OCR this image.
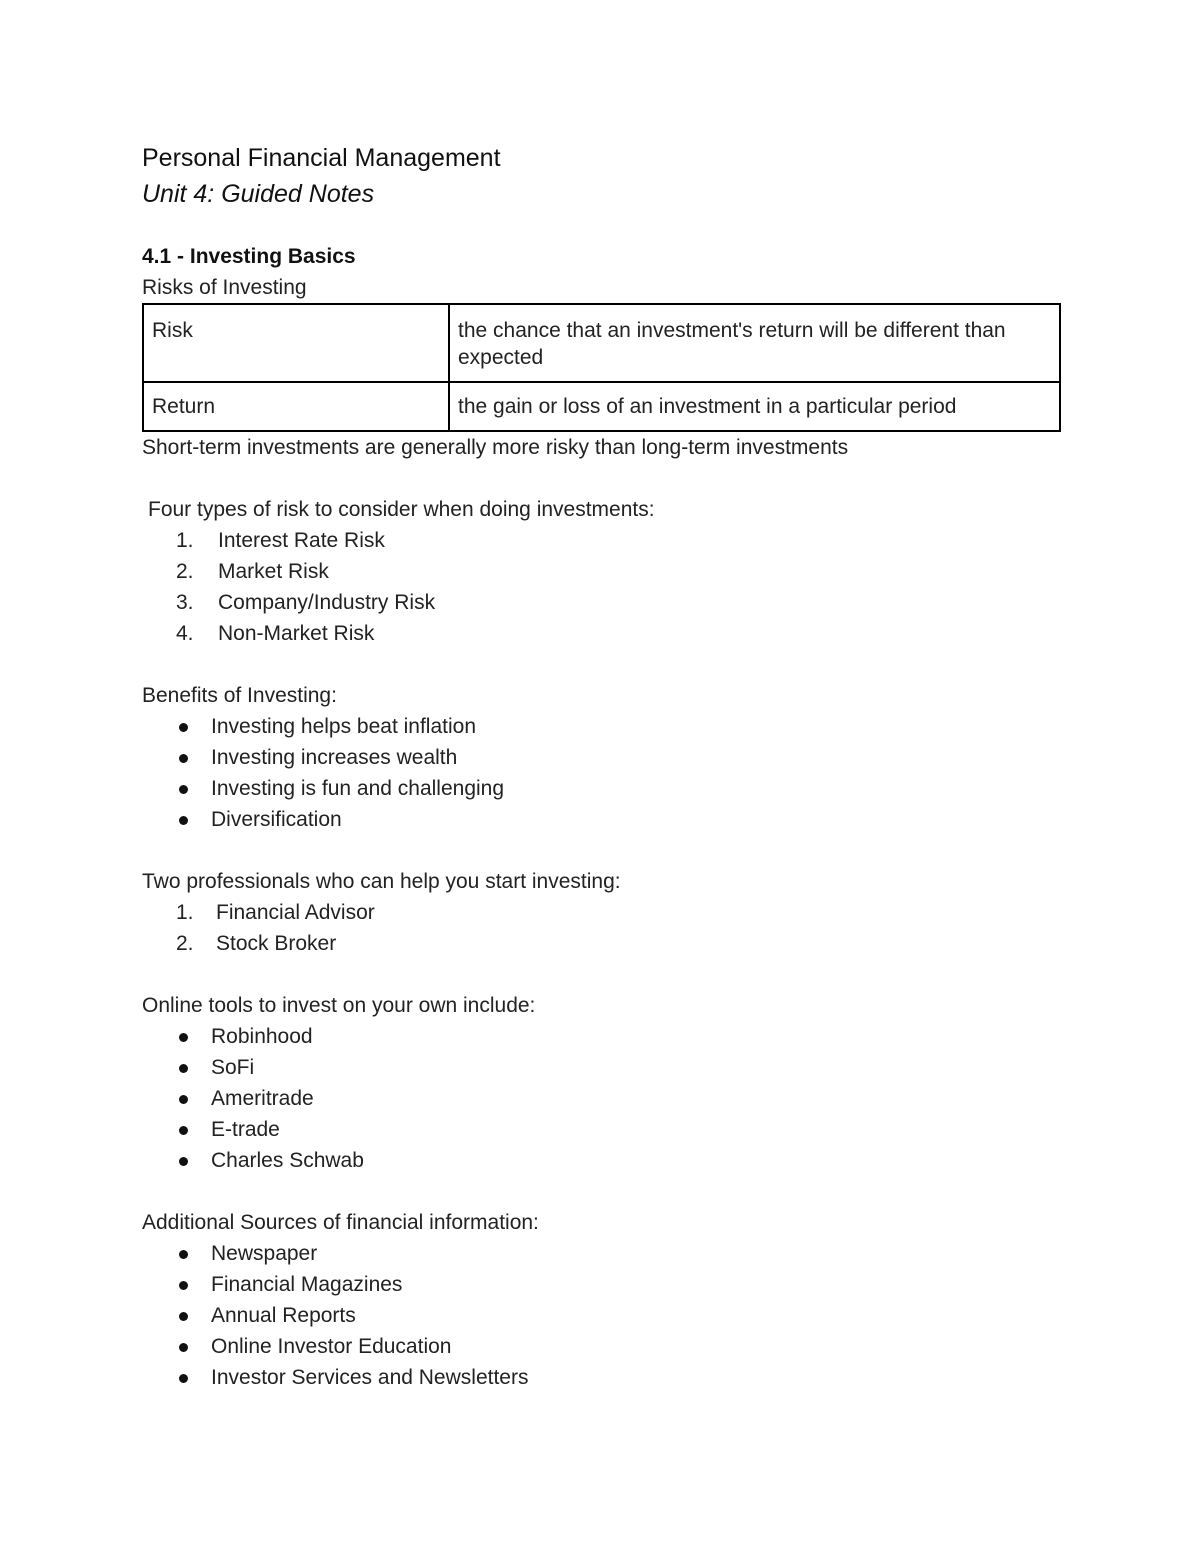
Personal Financial Management
Unit 4: Guided Notes
4.1 - Investing Basics

Risks of Investing

Risk	the chance that an investment's return will be different than expected
Return	the gain or loss of an investment in a particular period

Short-term investments are generally more risky than long-term investments

Four types of risk to consider when doing investments:

1. Interest Rate Risk
2. Market Risk
3. Company/Industry Risk
4. Non-Market Risk

Benefits of Investing:

Investing helps beat inflation
Investing increases wealth
Investing is fun and challenging
Diversification

Two professionals who can help you start investing:

1. Financial Advisor
2. Stock Broker

Online tools to invest on your own include:

Robinhood
SoFi
Ameritrade
E-trade
Charles Schwab

Additional Sources of financial information:

Newspaper
Financial Magazines
Annual Reports
Online Investor Education
Investor Services and Newsletters
